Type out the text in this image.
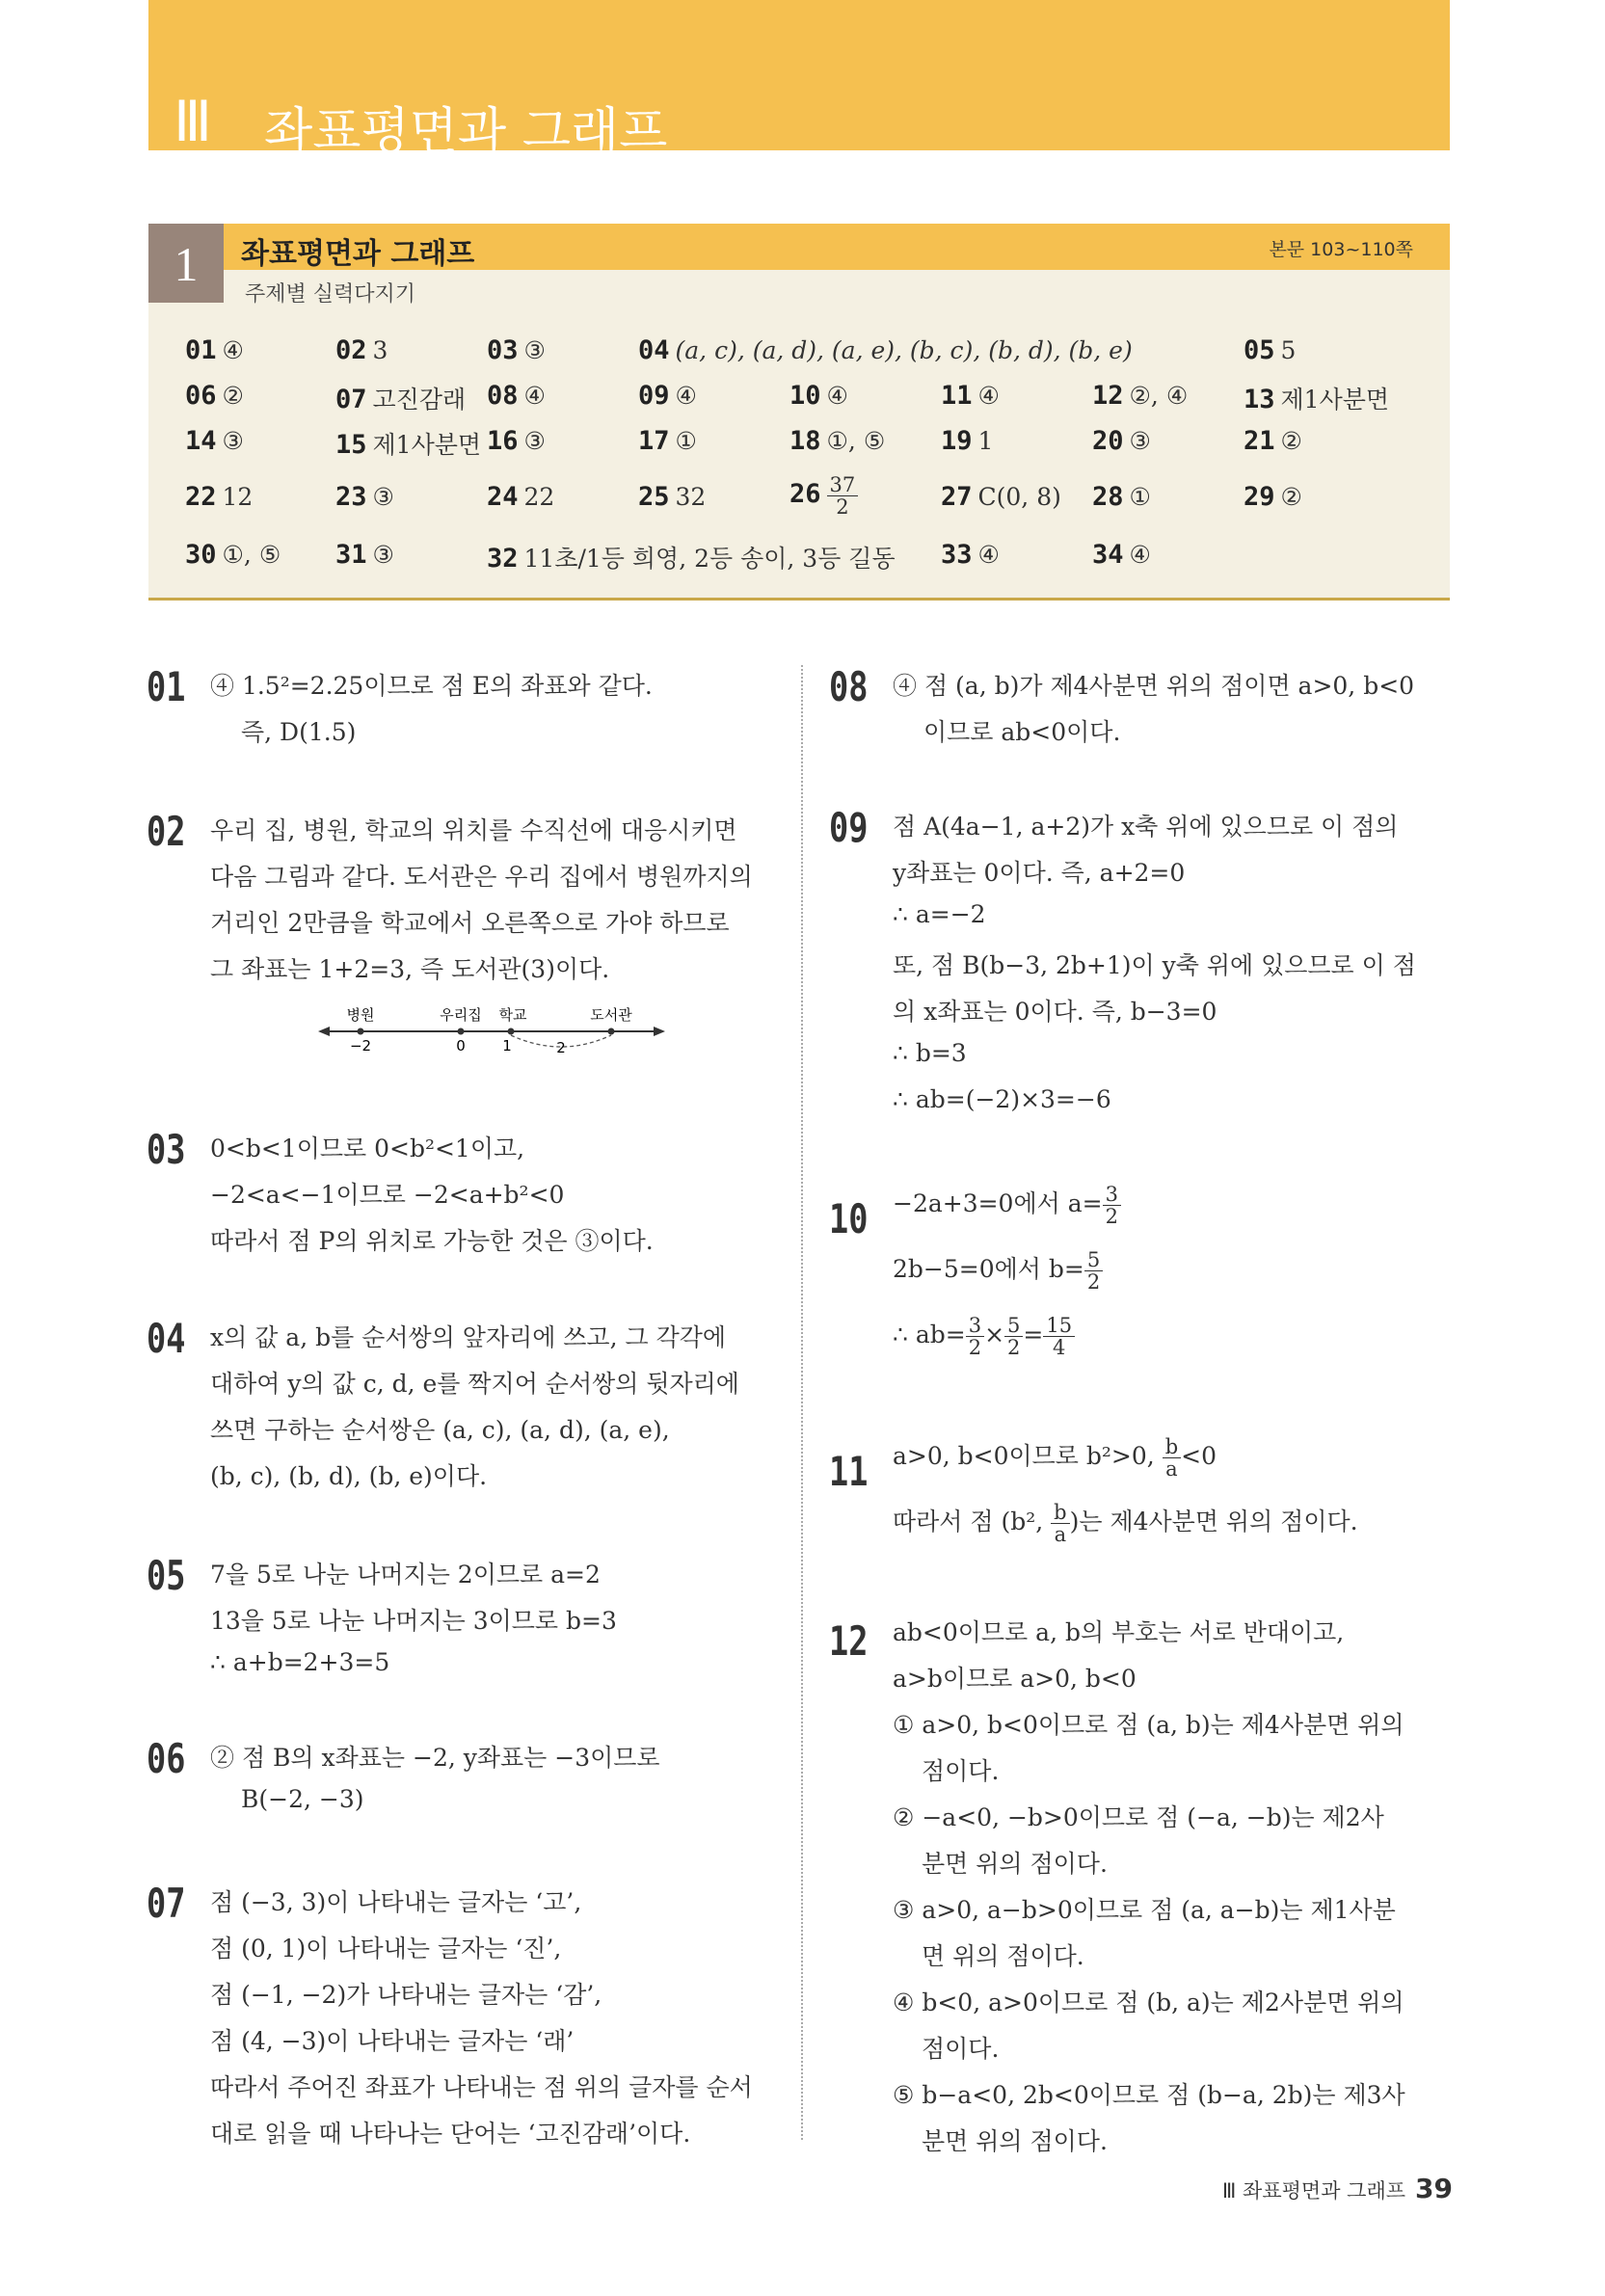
Ⅲ 좌표평면과 그래프
1	좌표평면과 그래프	본문 103~110쪽
주제별 실력다지기
01 ④	02 3	03 ③	04 (a, c), (a, d), (a, e), (b, c), (b, d), (b, e)	05 5
06 ②	07 고진감래 08 ④	09 ④	10 ④	11 ④	12 ②, ④ 13 제1사분면
14 ③	15 제1사분면 16 ③	17 ①	18 ①, ⑤ 19 1	20 ③	21 ②
22 12	23 ③	24 22	25 32	$26 \frac{37}{2}$	27 C(0, 8) 28 ①	29 ②
30 ①, ⑤ 31 ③	32 11초/1등 희영, 2등 송이, 3등 길동 33 ④	34 ④
01 ④ 1.5²=2.25이므로 점 E의 좌표와 같다.
즉, D(1.5)
02 우리 집, 병원, 학교의 위치를 수직선에 대응시키면
다음 그림과 같다. 도서관은 우리 집에서 병원까지의
거리인 2만큼을 학교에서 오른쪽으로 가야 하므로
그 좌표는 1+2=3, 즉 도서관(3)이다.
병원	우리집 학교	도서관
−2	0	1	2
03 0<b<1이므로 0<b²<1이고,
−2<a<−1이므로 −2<a+b²<0
따라서 점 P의 위치로 가능한 것은 ③이다.
04 x의 값 a, b를 순서쌍의 앞자리에 쓰고, 그 각각에
대하여 y의 값 c, d, e를 짝지어 순서쌍의 뒷자리에
쓰면 구하는 순서쌍은 (a, c), (a, d), (a, e),
(b, c), (b, d), (b, e)이다.
05 7을 5로 나눈 나머지는 2이므로 a=2
13을 5로 나눈 나머지는 3이므로 b=3
∴ a+b=2+3=5
06 ② 점 B의 x좌표는 −2, y좌표는 −3이므로
B(−2, −3)
07 점 (−3, 3)이 나타내는 글자는 ‘고’,
점 (0, 1)이 나타내는 글자는 ‘진’,
점 (−1, −2)가 나타내는 글자는 ‘감’,
점 (4, −3)이 나타내는 글자는 ‘래’
따라서 주어진 좌표가 나타내는 점 위의 글자를 순서
대로 읽을 때 나타나는 단어는 ‘고진감래’이다.
08 ④ 점 (a, b)가 제4사분면 위의 점이면 a>0, b<0
이므로 ab<0이다.
09 점 A(4a−1, a+2)가 x축 위에 있으므로 이 점의
y좌표는 0이다. 즉, a+2=0
∴ a=−2
또, 점 B(b−3, 2b+1)이 y축 위에 있으므로 이 점
의 x좌표는 0이다. 즉, b−3=0
∴ b=3
∴ ab=(−2)×3=−6
10 −2a+3=0에서 $a= \frac{3}{2}$
2b−5=0에서 $b= \frac{5}{2}$
∴ $ab= \frac{3}{2} \times \frac{5}{2} = \frac{15}{4}$
11 a>0, b<0이므로 b²>0, $\frac{b}{a} <0$
따라서 점 (b², $\frac{b}{a}$ )는 제4사분면 위의 점이다.
12 ab<0이므로 a, b의 부호는 서로 반대이고,
a>b이므로 a>0, b<0
① a>0, b<0이므로 점 (a, b)는 제4사분면 위의
점이다.
② −a<0, −b>0이므로 점 (−a, −b)는 제2사
분면 위의 점이다.
③ a>0, a−b>0이므로 점 (a, a−b)는 제1사분
면 위의 점이다.
④ b<0, a>0이므로 점 (b, a)는 제2사분면 위의
점이다.
⑤ b−a<0, 2b<0이므로 점 (b−a, 2b)는 제3사
분면 위의 점이다.
Ⅲ 좌표평면과 그래프 39
